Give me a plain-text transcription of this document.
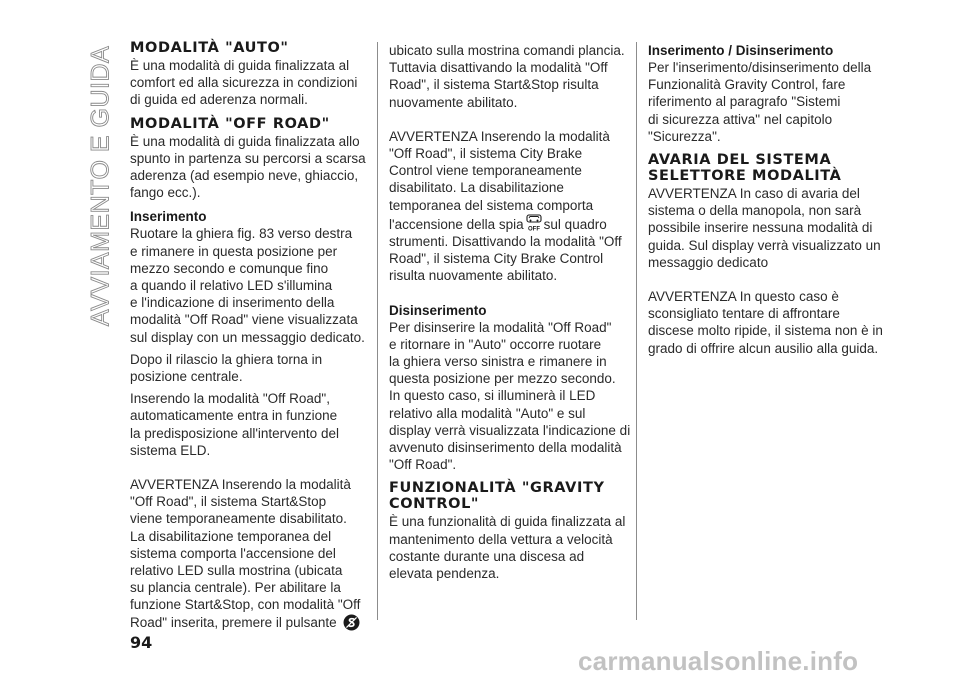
AVVIAMENTO E GUIDA MODALITÀ "AUTO"
È una modalità di guida finalizzata al
comfort ed alla sicurezza in condizioni
di guida ed aderenza normali.
MODALITÀ "OFF ROAD"
È una modalità di guida finalizzata allo
spunto in partenza su percorsi a scarsa
aderenza (ad esempio neve, ghiaccio,
fango ecc.).
Inserimento
Ruotare la ghiera fig. 83 verso destra
e rimanere in questa posizione per
mezzo secondo e comunque fino
a quando il relativo LED s'illumina
e l'indicazione di inserimento della
modalità "Off Road" viene visualizzata
sul display con un messaggio dedicato.
Dopo il rilascio la ghiera torna in
posizione centrale.
Inserendo la modalità "Off Road",
automaticamente entra in funzione
la predisposizione all'intervento del
sistema ELD.
AVVERTENZA Inserendo la modalità
"Off Road", il sistema Start&Stop
viene temporaneamente disabilitato.
La disabilitazione temporanea del
sistema comporta l'accensione del
relativo LED sulla mostrina (ubicata
su plancia centrale). Per abilitare la
funzione Start&Stop, con modalità "Off
Road" inserita, premere il pulsante
ubicato sulla mostrina comandi plancia.
Tuttavia disattivando la modalità "Off
Road", il sistema Start&Stop risulta
nuovamente abilitato.
AVVERTENZA Inserendo la modalità
"Off Road", il sistema City Brake
Control viene temporaneamente
disabilitato. La disabilitazione
temporanea del sistema comporta
l'accensione della spia OFF sul quadro
strumenti. Disattivando la modalità "Off
Road", il sistema City Brake Control
risulta nuovamente abilitato.
Disinserimento
Per disinserire la modalità "Off Road"
e ritornare in "Auto" occorre ruotare
la ghiera verso sinistra e rimanere in
questa posizione per mezzo secondo.
In questo caso, si illuminerà il LED
relativo alla modalità "Auto" e sul
display verrà visualizzata l'indicazione di
avvenuto disinserimento della modalità
"Off Road".
FUNZIONALITÀ "GRAVITY
CONTROL"
È una funzionalità di guida finalizzata al
mantenimento della vettura a velocità
costante durante una discesa ad
elevata pendenza.
Inserimento / Disinserimento
Per l'inserimento/disinserimento della
Funzionalità Gravity Control, fare
riferimento al paragrafo "Sistemi
di sicurezza attiva" nel capitolo
"Sicurezza".
AVARIA DEL SISTEMA
SELETTORE MODALITÀ
AVVERTENZA In caso di avaria del
sistema o della manopola, non sarà
possibile inserire nessuna modalità di
guida. Sul display verrà visualizzato un
messaggio dedicato
AVVERTENZA In questo caso è
sconsigliato tentare di affrontare
discese molto ripide, il sistema non è in
grado di offrire alcun ausilio alla guida.
94
carmanualsonline.info
